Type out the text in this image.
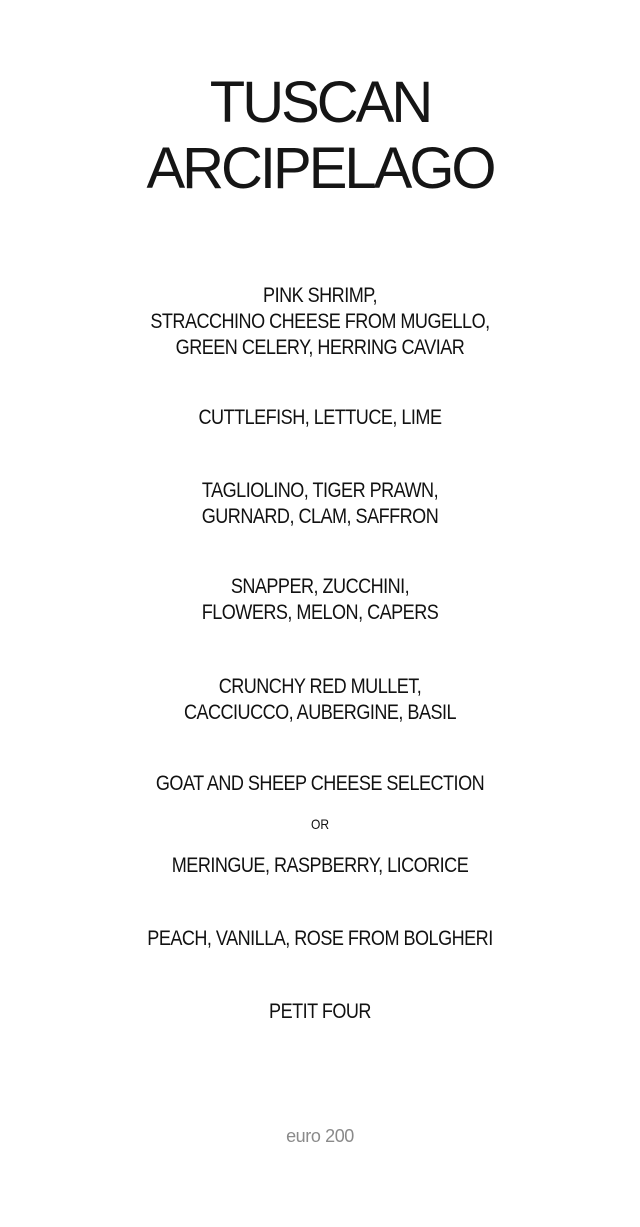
TUSCAN
ARCIPELAGO
PINK SHRIMP,
STRACCHINO CHEESE FROM MUGELLO,
GREEN CELERY, HERRING CAVIAR
CUTTLEFISH, LETTUCE, LIME
TAGLIOLINO, TIGER PRAWN,
GURNARD, CLAM, SAFFRON
SNAPPER, ZUCCHINI,
FLOWERS, MELON, CAPERS
CRUNCHY RED MULLET,
CACCIUCCO, AUBERGINE, BASIL
GOAT AND SHEEP CHEESE SELECTION
OR
MERINGUE, RASPBERRY, LICORICE
PEACH, VANILLA, ROSE FROM BOLGHERI
PETIT FOUR
euro 200
